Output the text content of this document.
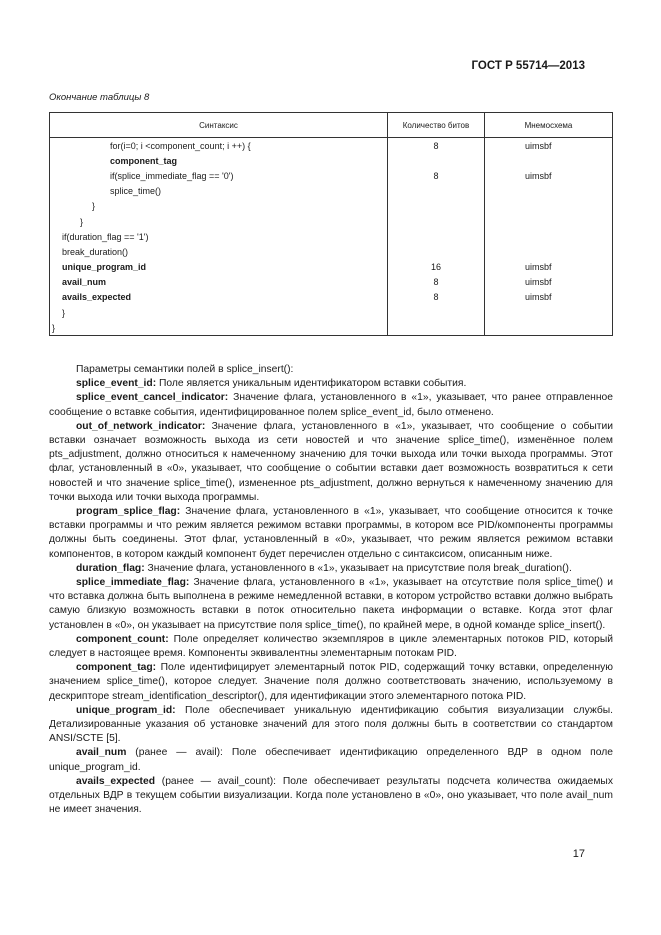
ГОСТ Р 55714—2013
Окончание таблицы 8
Синтаксис	Количество битов	Мнемосхема
for(i=0; i <component_count; i ++) {	8	uimsbf
component_tag		
if(splice_immediate_flag == '0')	8	uimsbf
splice_time()		
}		
}		
if(duration_flag == '1')		
break_duration()		
unique_program_id	16	uimsbf
avail_num	8	uimsbf
avails_expected	8	uimsbf
}		
}		

Параметры семантики полей в splice_insert():

splice_event_id: Поле является уникальным идентификатором вставки события.

splice_event_cancel_indicator: Значение флага, установленного в «1», указывает, что ранее отправленное сообщение о вставке события, идентифицированное полем splice_event_id, было отменено.

out_of_network_indicator: Значение флага, установленного в «1», указывает, что сообщение о событии вставки означает возможность выхода из сети новостей и что значение splice_time(), изменённое полем pts_adjustment, должно относиться к намеченному значению для точки выхода или точки выхода программы. Этот флаг, установленный в «0», указывает, что сообщение о событии вставки дает возможность возвратиться к сети новостей и что значение splice_time(), измененное pts_adjustment, должно вернуться к намеченному значению для точки выхода или точки выхода программы.

program_splice_flag: Значение флага, установленного в «1», указывает, что сообщение относится к точке вставки программы и что режим является режимом вставки программы, в котором все PID/компоненты программы должны быть соединены. Этот флаг, установленный в «0», указывает, что режим является режимом вставки компонентов, в котором каждый компонент будет перечислен отдельно с синтаксисом, описанным ниже.

duration_flag: Значение флага, установленного в «1», указывает на присутствие поля break_duration().

splice_immediate_flag: Значение флага, установленного в «1», указывает на отсутствие поля splice_time() и что вставка должна быть выполнена в режиме немедленной вставки, в котором устройство вставки должно выбрать самую близкую возможность вставки в поток относительно пакета информации о вставке. Когда этот флаг установлен в «0», он указывает на присутствие поля splice_time(), по крайней мере, в одной команде splice_insert().

component_count: Поле определяет количество экземпляров в цикле элементарных потоков PID, который следует в настоящее время. Компоненты эквивалентны элементарным потокам PID.

component_tag: Поле идентифицирует элементарный поток PID, содержащий точку вставки, определенную значением splice_time(), которое следует. Значение поля должно соответствовать значению, используемому в дескрипторе stream_identification_descriptor(), для идентификации этого элементарного потока PID.

unique_program_id: Поле обеспечивает уникальную идентификацию события визуализации службы. Детализированные указания об установке значений для этого поля должны быть в соответствии со стандартом ANSI/SCTE [5].

avail_num (ранее — avail): Поле обеспечивает идентификацию определенного ВДР в одном поле unique_program_id.

avails_expected (ранее — avail_count): Поле обеспечивает результаты подсчета количества ожидаемых отдельных ВДР в текущем событии визуализации. Когда поле установлено в «0», оно указывает, что поле avail_num не имеет значения.

17
